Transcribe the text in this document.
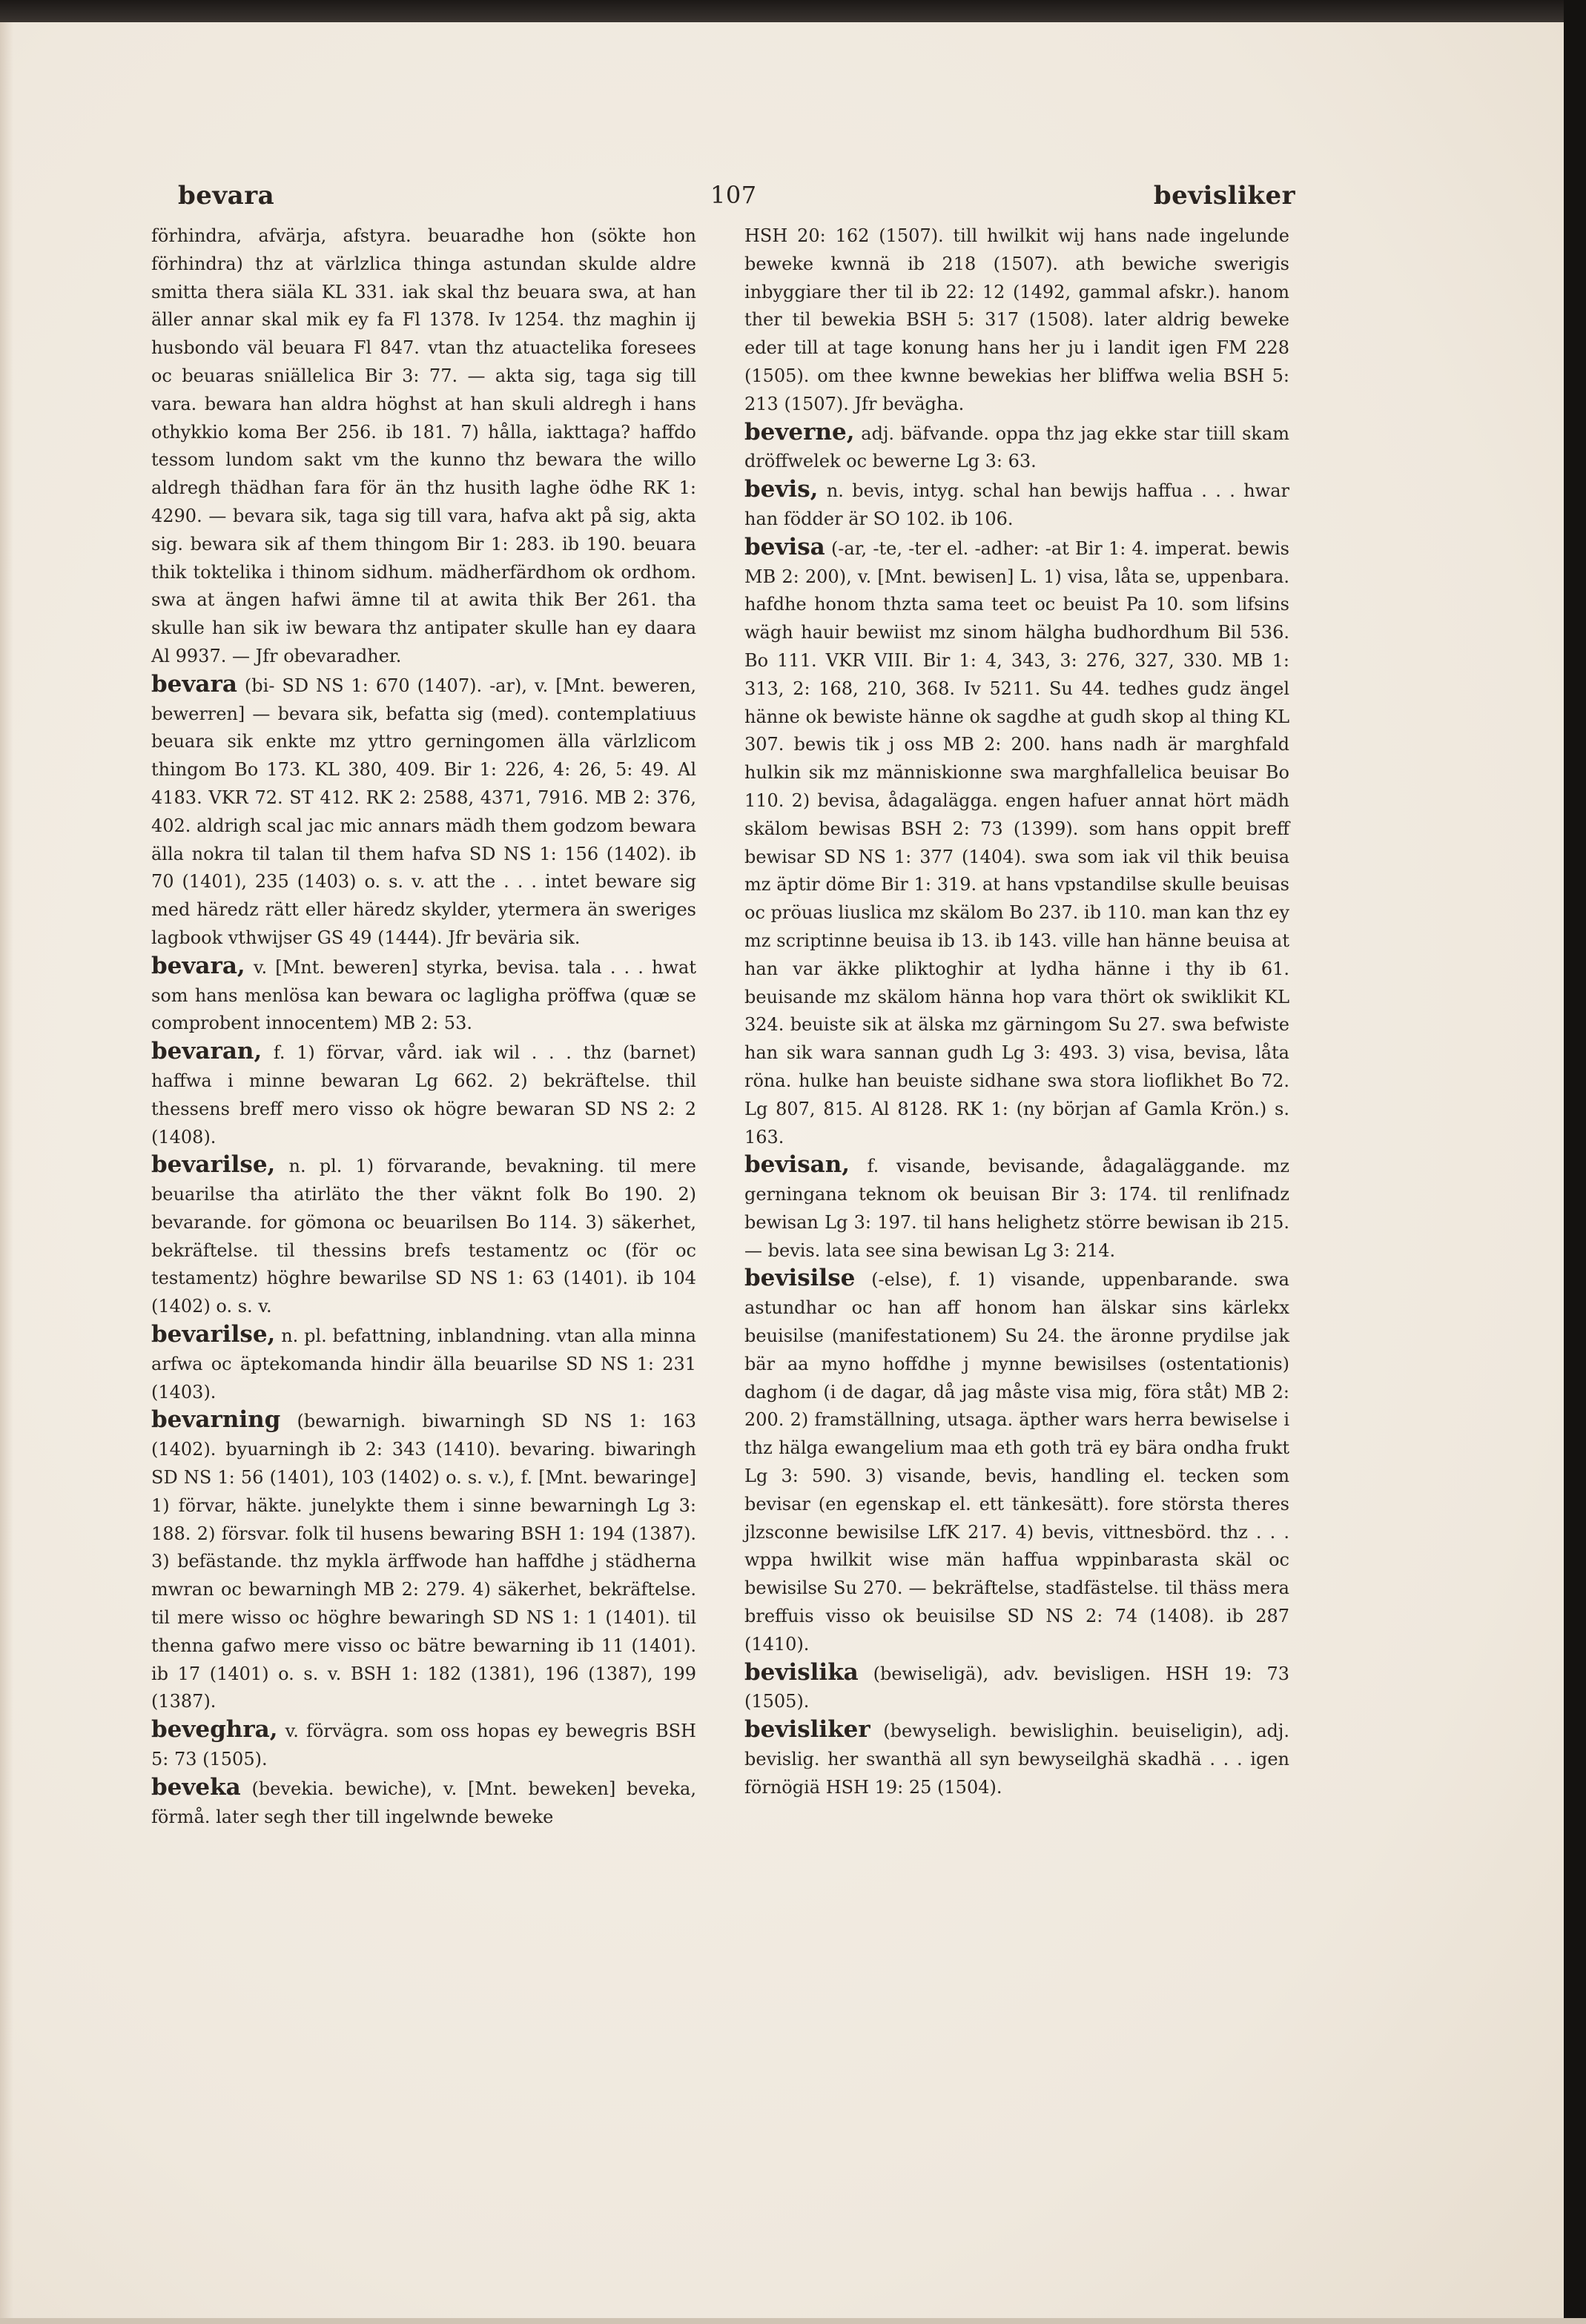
bevara	107	bevisliker

förhindra, afvärja, afstyra. beuaradhe hon (sökte hon förhindra) thz at värlzlica thinga astundan skulde aldre smitta thera siäla KL 331. iak skal thz beuara swa, at han äller annar skal mik ey fa Fl 1378. Iv 1254. thz maghin ij husbondo väl beuara Fl 847. vtan thz atuactelika foresees oc beuaras sniällelica Bir 3: 77. — akta sig, taga sig till vara. bewara han aldra höghst at han skuli aldregh i hans othykkio koma Ber 256. ib 181. 7) hålla, iakttaga? haffdo tessom lundom sakt vm the kunno thz bewara the willo aldregh thädhan fara för än thz husith laghe ödhe RK 1: 4290. — bevara sik, taga sig till vara, hafva akt på sig, akta sig. bewara sik af them thingom Bir 1: 283. ib 190. beuara thik toktelika i thinom sidhum. mädherfärdhom ok ordhom. swa at ängen hafwi ämne til at awita thik Ber 261. tha skulle han sik iw bewara thz antipater skulle han ey daara Al 9937. — Jfr obevaradher.

bevara (bi- SD NS 1: 670 (1407). -ar), v. [Mnt. beweren, bewerren] — bevara sik, befatta sig (med). contemplatiuus beuara sik enkte mz yttro gerningomen älla värlzlicom thingom Bo 173. KL 380, 409. Bir 1: 226, 4: 26, 5: 49. Al 4183. VKR 72. ST 412. RK 2: 2588, 4371, 7916. MB 2: 376, 402. aldrigh scal jac mic annars mädh them godzom bewara älla nokra til talan til them hafva SD NS 1: 156 (1402). ib 70 (1401), 235 (1403) o. s. v. att the . . . intet beware sig med häredz rätt eller häredz skylder, ytermera än sweriges lagbook vthwijser GS 49 (1444). Jfr beväria sik.

bevara, v. [Mnt. beweren] styrka, bevisa. tala . . . hwat som hans menlösa kan bewara oc lagligha pröffwa (quæ se comprobent innocentem) MB 2: 53.

bevaran, f. 1) förvar, vård. iak wil . . . thz (barnet) haffwa i minne bewaran Lg 662. 2) bekräftelse. thil thessens breff mero visso ok högre bewaran SD NS 2: 2 (1408).

bevarilse, n. pl. 1) förvarande, bevakning. til mere beuarilse tha atirläto the ther väknt folk Bo 190. 2) bevarande. for gömona oc beuarilsen Bo 114. 3) säkerhet, bekräftelse. til thessins brefs testamentz oc (för oc testamentz) höghre bewarilse SD NS 1: 63 (1401). ib 104 (1402) o. s. v.

bevarilse, n. pl. befattning, inblandning. vtan alla minna arfwa oc äptekomanda hindir älla beuarilse SD NS 1: 231 (1403).

bevarning (bewarnigh. biwarningh SD NS 1: 163 (1402). byuarningh ib 2: 343 (1410). bevaring. biwaringh SD NS 1: 56 (1401), 103 (1402) o. s. v.), f. [Mnt. bewaringe] 1) förvar, häkte. junelykte them i sinne bewarningh Lg 3: 188. 2) försvar. folk til husens bewaring BSH 1: 194 (1387). 3) befästande. thz mykla ärffwode han haffdhe j städherna mwran oc bewarningh MB 2: 279. 4) säkerhet, bekräftelse. til mere wisso oc höghre bewaringh SD NS 1: 1 (1401). til thenna gafwo mere visso oc bätre bewarning ib 11 (1401). ib 17 (1401) o. s. v. BSH 1: 182 (1381), 196 (1387), 199 (1387).

beveghra, v. förvägra. som oss hopas ey bewegris BSH 5: 73 (1505).

beveka (bevekia. bewiche), v. [Mnt. beweken] beveka, förmå. later segh ther till ingelwnde beweke

HSH 20: 162 (1507). till hwilkit wij hans nade ingelunde beweke kwnnä ib 218 (1507). ath bewiche swerigis inbyggiare ther til ib 22: 12 (1492, gammal afskr.). hanom ther til bewekia BSH 5: 317 (1508). later aldrig beweke eder till at tage konung hans her ju i landit igen FM 228 (1505). om thee kwnne bewekias her bliffwa welia BSH 5: 213 (1507). Jfr beväghа.

beverne, adj. bäfvande. oppa thz jag ekke star tiill skam dröffwelek oc bewerne Lg 3: 63.

bevis, n. bevis, intyg. schal han bewijs haffua . . . hwar han födder är SO 102. ib 106.

bevisa (-ar, -te, -ter el. -adher: -at Bir 1: 4. imperat. bewis MB 2: 200), v. [Mnt. bewisen] L. 1) visa, låta se, uppenbara. hafdhe honom thzta sama teet oc beuist Pa 10. som lifsins wägh hauir bewiist mz sinom hälgha budhordhum Bil 536. Bo 111. VKR VIII. Bir 1: 4, 343, 3: 276, 327, 330. MB 1: 313, 2: 168, 210, 368. Iv 5211. Su 44. tedhes gudz ängel hänne ok bewiste hänne ok sagdhe at gudh skop al thing KL 307. bewis tik j oss MB 2: 200. hans nadh är marghfald hulkin sik mz människionne swa marghfallelica beuisar Bo 110. 2) bevisa, ådagalägga. engen hafuer annat hört mädh skälom bewisas BSH 2: 73 (1399). som hans oppit breff bewisar SD NS 1: 377 (1404). swa som iak vil thik beuisa mz äptir döme Bir 1: 319. at hans vpstandilse skulle beuisas oc pröuas liuslica mz skälom Bo 237. ib 110. man kan thz ey mz scriptinne beuisa ib 13. ib 143. ville han hänne beuisa at han var äkke pliktoghir at lydha hänne i thy ib 61. beuisande mz skälom hänna hop vara thört ok swiklikit KL 324. beuiste sik at älska mz gärningom Su 27. swa befwiste han sik wara sannan gudh Lg 3: 493. 3) visa, bevisa, låta röna. hulke han beuiste sidhane swa stora lioflikhet Bo 72. Lg 807, 815. Al 8128. RK 1: (ny början af Gamla Krön.) s. 163.

bevisan, f. visande, bevisande, ådagaläggande. mz gerningana teknom ok beuisan Bir 3: 174. til renlifnadz bewisan Lg 3: 197. til hans helighetz större bewisan ib 215. — bevis. lata see sina bewisan Lg 3: 214.

bevisilse (-else), f. 1) visande, uppenbarande. swa astundhar oc han aff honom han älskar sins kärlekx beuisilse (manifestationem) Su 24. the äronne prydilse jak bär aa myno hoffdhe j mynne bewisilses (ostentationis) daghom (i de dagar, då jag måste visa mig, föra ståt) MB 2: 200. 2) framställning, utsaga. äpther wars herra bewiselse i thz hälga ewangelium maa eth goth trä ey bära ondha frukt Lg 3: 590. 3) visande, bevis, handling el. tecken som bevisar (en egenskap el. ett tänkesätt). fore största theres jlzsconne bewisilse LfK 217. 4) bevis, vittnesbörd. thz . . . wppa hwilkit wise män haffua wppinbarasta skäl oc bewisilse Su 270. — bekräftelse, stadfästelse. til thäss mera breffuis visso ok beuisilse SD NS 2: 74 (1408). ib 287 (1410).

bevislika (bewiseligä), adv. bevisligen. HSH 19: 73 (1505).

bevisliker (bewyseligh. bewislighin. beuiseligin), adj. bevislig. her swanthä all syn bewyseilghä skadhä . . . igen förnögiä HSH 19: 25 (1504).
